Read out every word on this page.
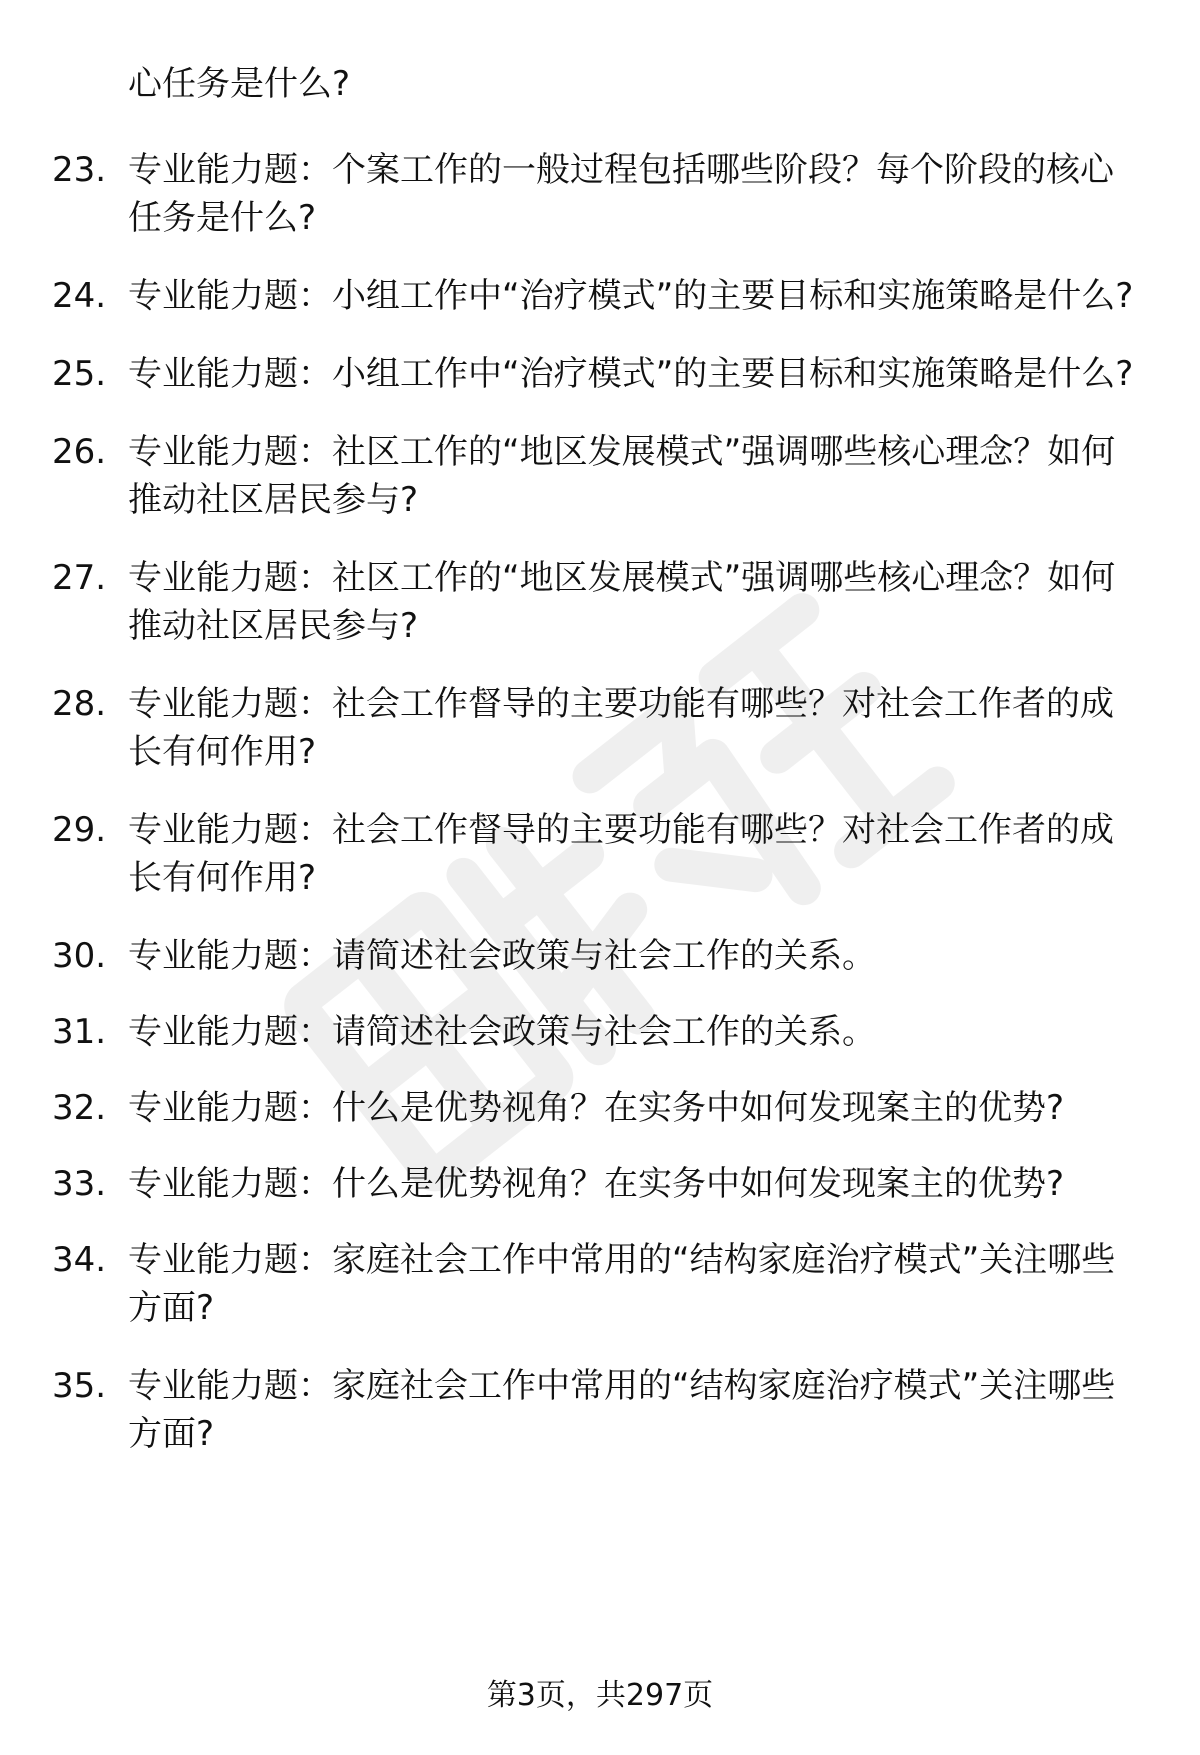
心任务是什么?

23. 专业能力题：个案工作的一般过程包括哪些阶段？每个阶段的核心任务是什么?
24. 专业能力题：小组工作中“治疗模式”的主要目标和实施策略是什么?
25. 专业能力题：小组工作中“治疗模式”的主要目标和实施策略是什么?
26. 专业能力题：社区工作的“地区发展模式”强调哪些核心理念？如何推动社区居民参与?
27. 专业能力题：社区工作的“地区发展模式”强调哪些核心理念？如何推动社区居民参与?
28. 专业能力题：社会工作督导的主要功能有哪些？对社会工作者的成长有何作用?
29. 专业能力题：社会工作督导的主要功能有哪些？对社会工作者的成长有何作用?
30. 专业能力题：请简述社会政策与社会工作的关系。
31. 专业能力题：请简述社会政策与社会工作的关系。
32. 专业能力题：什么是优势视角？在实务中如何发现案主的优势?
33. 专业能力题：什么是优势视角？在实务中如何发现案主的优势?
34. 专业能力题：家庭社会工作中常用的“结构家庭治疗模式”关注哪些方面?
35. 专业能力题：家庭社会工作中常用的“结构家庭治疗模式”关注哪些方面?
第3页，共297页
